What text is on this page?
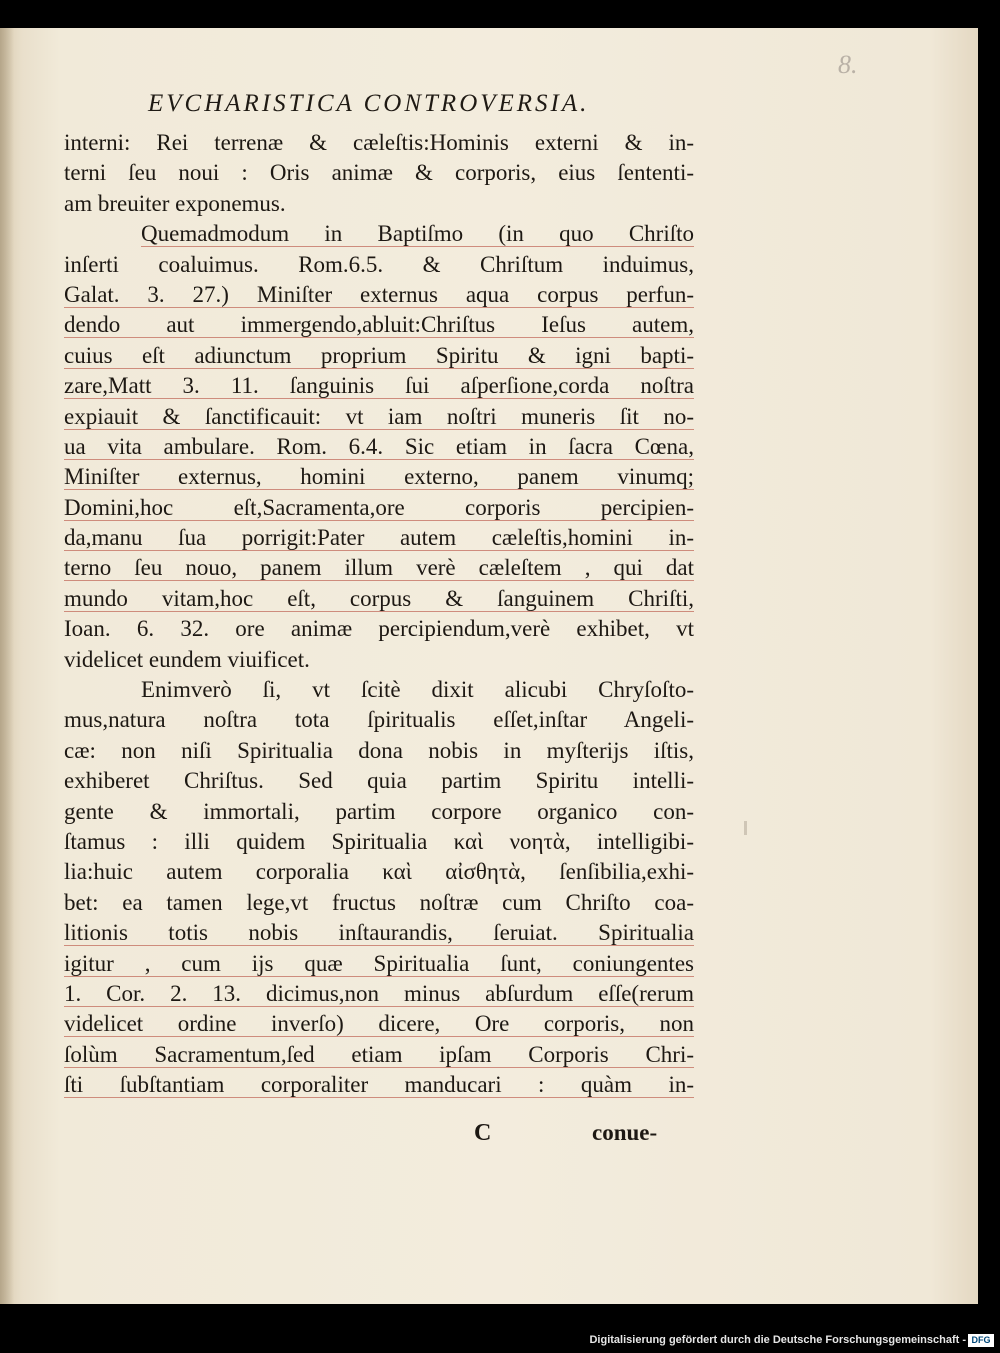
8.
EVCHARISTICA CONTROVERSIA.
interni: Rei terrenæ & cæleſtis:Hominis externi & in-
terni ſeu noui : Oris animæ & corporis, eius ſententi-
am breuiter exponemus.
Quemadmodum in Baptiſmo (in quo Chriſto
inſerti coaluimus. Rom.6.5. & Chriſtum induimus,
Galat. 3. 27.) Miniſter externus aqua corpus perfun-
dendo aut immergendo,abluit:Chriſtus Ieſus autem,
cuius eſt adiunctum proprium Spiritu & igni bapti-
zare,Matt 3. 11. ſanguinis ſui aſperſione,corda noſtra
expiauit & ſanctificauit: vt iam noſtri muneris ſit no-
ua vita ambulare. Rom. 6.4. Sic etiam in ſacra Cœna,
Miniſter externus, homini externo, panem vinumq;
Domini,hoc eſt,Sacramenta,ore corporis percipien-
da,manu ſua porrigit:Pater autem cæleſtis,homini in-
terno ſeu nouo, panem illum verè cæleſtem , qui dat
mundo vitam,hoc eſt, corpus & ſanguinem Chriſti,
Ioan. 6. 32. ore animæ percipiendum,verè exhibet, vt
videlicet eundem viuificet.
Enimverò ſi, vt ſcitè dixit alicubi Chryſoſto-
mus,natura noſtra tota ſpiritualis eſſet,inſtar Angeli-
cæ: non niſi Spiritualia dona nobis in myſterijs iſtis,
exhiberet Chriſtus. Sed quia partim Spiritu intelli-
gente & immortali, partim corpore organico con-
ſtamus : illi quidem Spiritualia καὶ νοητὰ, intelligibi-
lia:huic autem corporalia καὶ αἰσθητὰ, ſenſibilia,exhi-
bet: ea tamen lege,vt fructus noſtræ cum Chriſto coa-
litionis totis nobis inſtaurandis, ſeruiat. Spiritualia
igitur , cum ijs quæ Spiritualia ſunt, coniungentes
1. Cor. 2. 13. dicimus,non minus abſurdum eſſe(rerum
videlicet ordine inverſo) dicere, Ore corporis, non
ſolùm Sacramentum,ſed etiam ipſam Corporis Chri-
ſti ſubſtantiam corporaliter manducari : quàm in-
C	conue-
Digitalisierung gefördert durch die Deutsche Forschungsgemeinschaft - DFG
